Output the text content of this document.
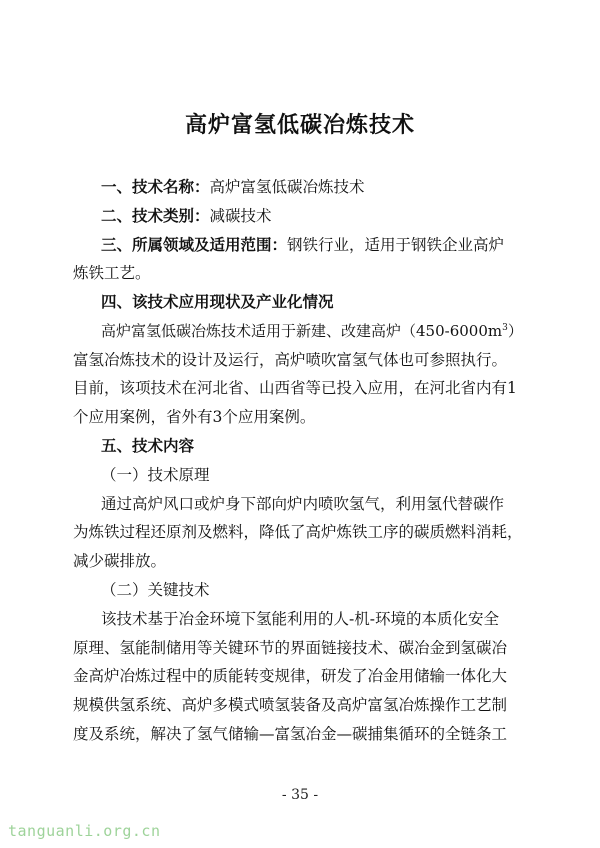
高炉富氢低碳冶炼技术
一、技术名称：高炉富氢低碳冶炼技术
二、技术类别：减碳技术
三、所属领域及适用范围：钢铁行业，适用于钢铁企业高炉
炼铁工艺。
四、该技术应用现状及产业化情况
高炉富氢低碳冶炼技术适用于新建、改建高炉$(450-6000m^3)$
富氢冶炼技术的设计及运行，高炉喷吹富氢气体也可参照执行。
目前，该项技术在河北省、山西省等已投入应用，在河北省内有1
个应用案例，省外有3个应用案例。
五、技术内容
（一）技术原理
通过高炉风口或炉身下部向炉内喷吹氢气，利用氢代替碳作
为炼铁过程还原剂及燃料，降低了高炉炼铁工序的碳质燃料消耗，
减少碳排放。
（二）关键技术
该技术基于冶金环境下氢能利用的人-机-环境的本质化安全
原理、氢能制储用等关键环节的界面链接技术、碳冶金到氢碳冶
金高炉冶炼过程中的质能转变规律，研发了冶金用储输一体化大
规模供氢系统、高炉多模式喷氢装备及高炉富氢冶炼操作工艺制
度及系统，解决了氢气储输—富氢冶金—碳捕集循环的全链条工
- 35 -
tanguanli.org.cn
